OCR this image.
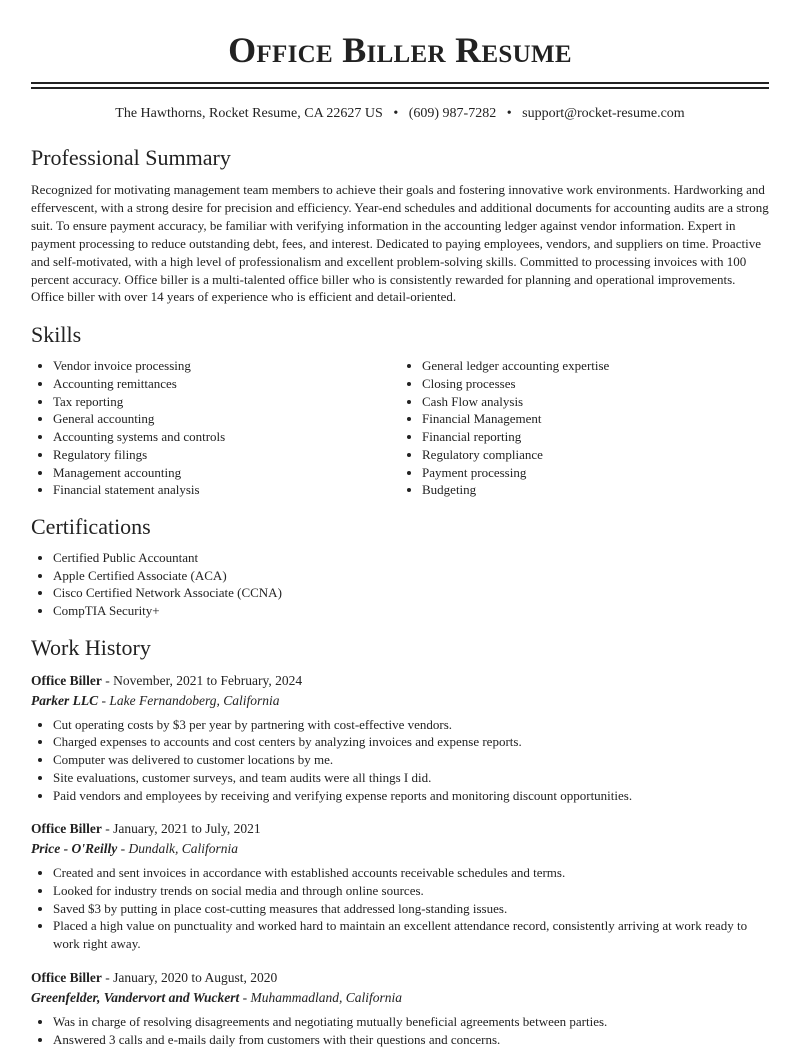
Office Biller Resume
The Hawthorns, Rocket Resume, CA 22627 US • (609) 987-7282 • support@rocket-resume.com
Professional Summary

Recognized for motivating management team members to achieve their goals and fostering innovative work environments. Hardworking and effervescent, with a strong desire for precision and efficiency. Year-end schedules and additional documents for accounting audits are a strong suit. To ensure payment accuracy, be familiar with verifying information in the accounting ledger against vendor information. Expert in payment processing to reduce outstanding debt, fees, and interest. Dedicated to paying employees, vendors, and suppliers on time. Proactive and self-motivated, with a high level of professionalism and excellent problem-solving skills. Committed to processing invoices with 100 percent accuracy. Office biller is a multi-talented office biller who is consistently rewarded for planning and operational improvements. Office biller with over 14 years of experience who is efficient and detail-oriented.

Skills
• Vendor invoice processing
• Accounting remittances
• Tax reporting
• General accounting
• Accounting systems and controls
• Regulatory filings
• Management accounting
• Financial statement analysis
• General ledger accounting expertise
• Closing processes
• Cash Flow analysis
• Financial Management
• Financial reporting
• Regulatory compliance
• Payment processing
• Budgeting
Certifications
• Certified Public Accountant
• Apple Certified Associate (ACA)
• Cisco Certified Network Associate (CCNA)
• CompTIA Security+
Work History
Office Biller - November, 2021 to February, 2024
Parker LLC - Lake Fernandoberg, California
• Cut operating costs by $3 per year by partnering with cost-effective vendors.
• Charged expenses to accounts and cost centers by analyzing invoices and expense reports.
• Computer was delivered to customer locations by me.
• Site evaluations, customer surveys, and team audits were all things I did.
• Paid vendors and employees by receiving and verifying expense reports and monitoring discount opportunities.
Office Biller - January, 2021 to July, 2021
Price - O'Reilly - Dundalk, California
• Created and sent invoices in accordance with established accounts receivable schedules and terms.
• Looked for industry trends on social media and through online sources.
• Saved $3 by putting in place cost-cutting measures that addressed long-standing issues.
• Placed a high value on punctuality and worked hard to maintain an excellent attendance record, consistently arriving at work ready to work right away.
Office Biller - January, 2020 to August, 2020
Greenfelder, Vandervort and Wuckert - Muhammadland, California
• Was in charge of resolving disagreements and negotiating mutually beneficial agreements between parties.
• Answered 3 calls and e-mails daily from customers with their questions and concerns.
